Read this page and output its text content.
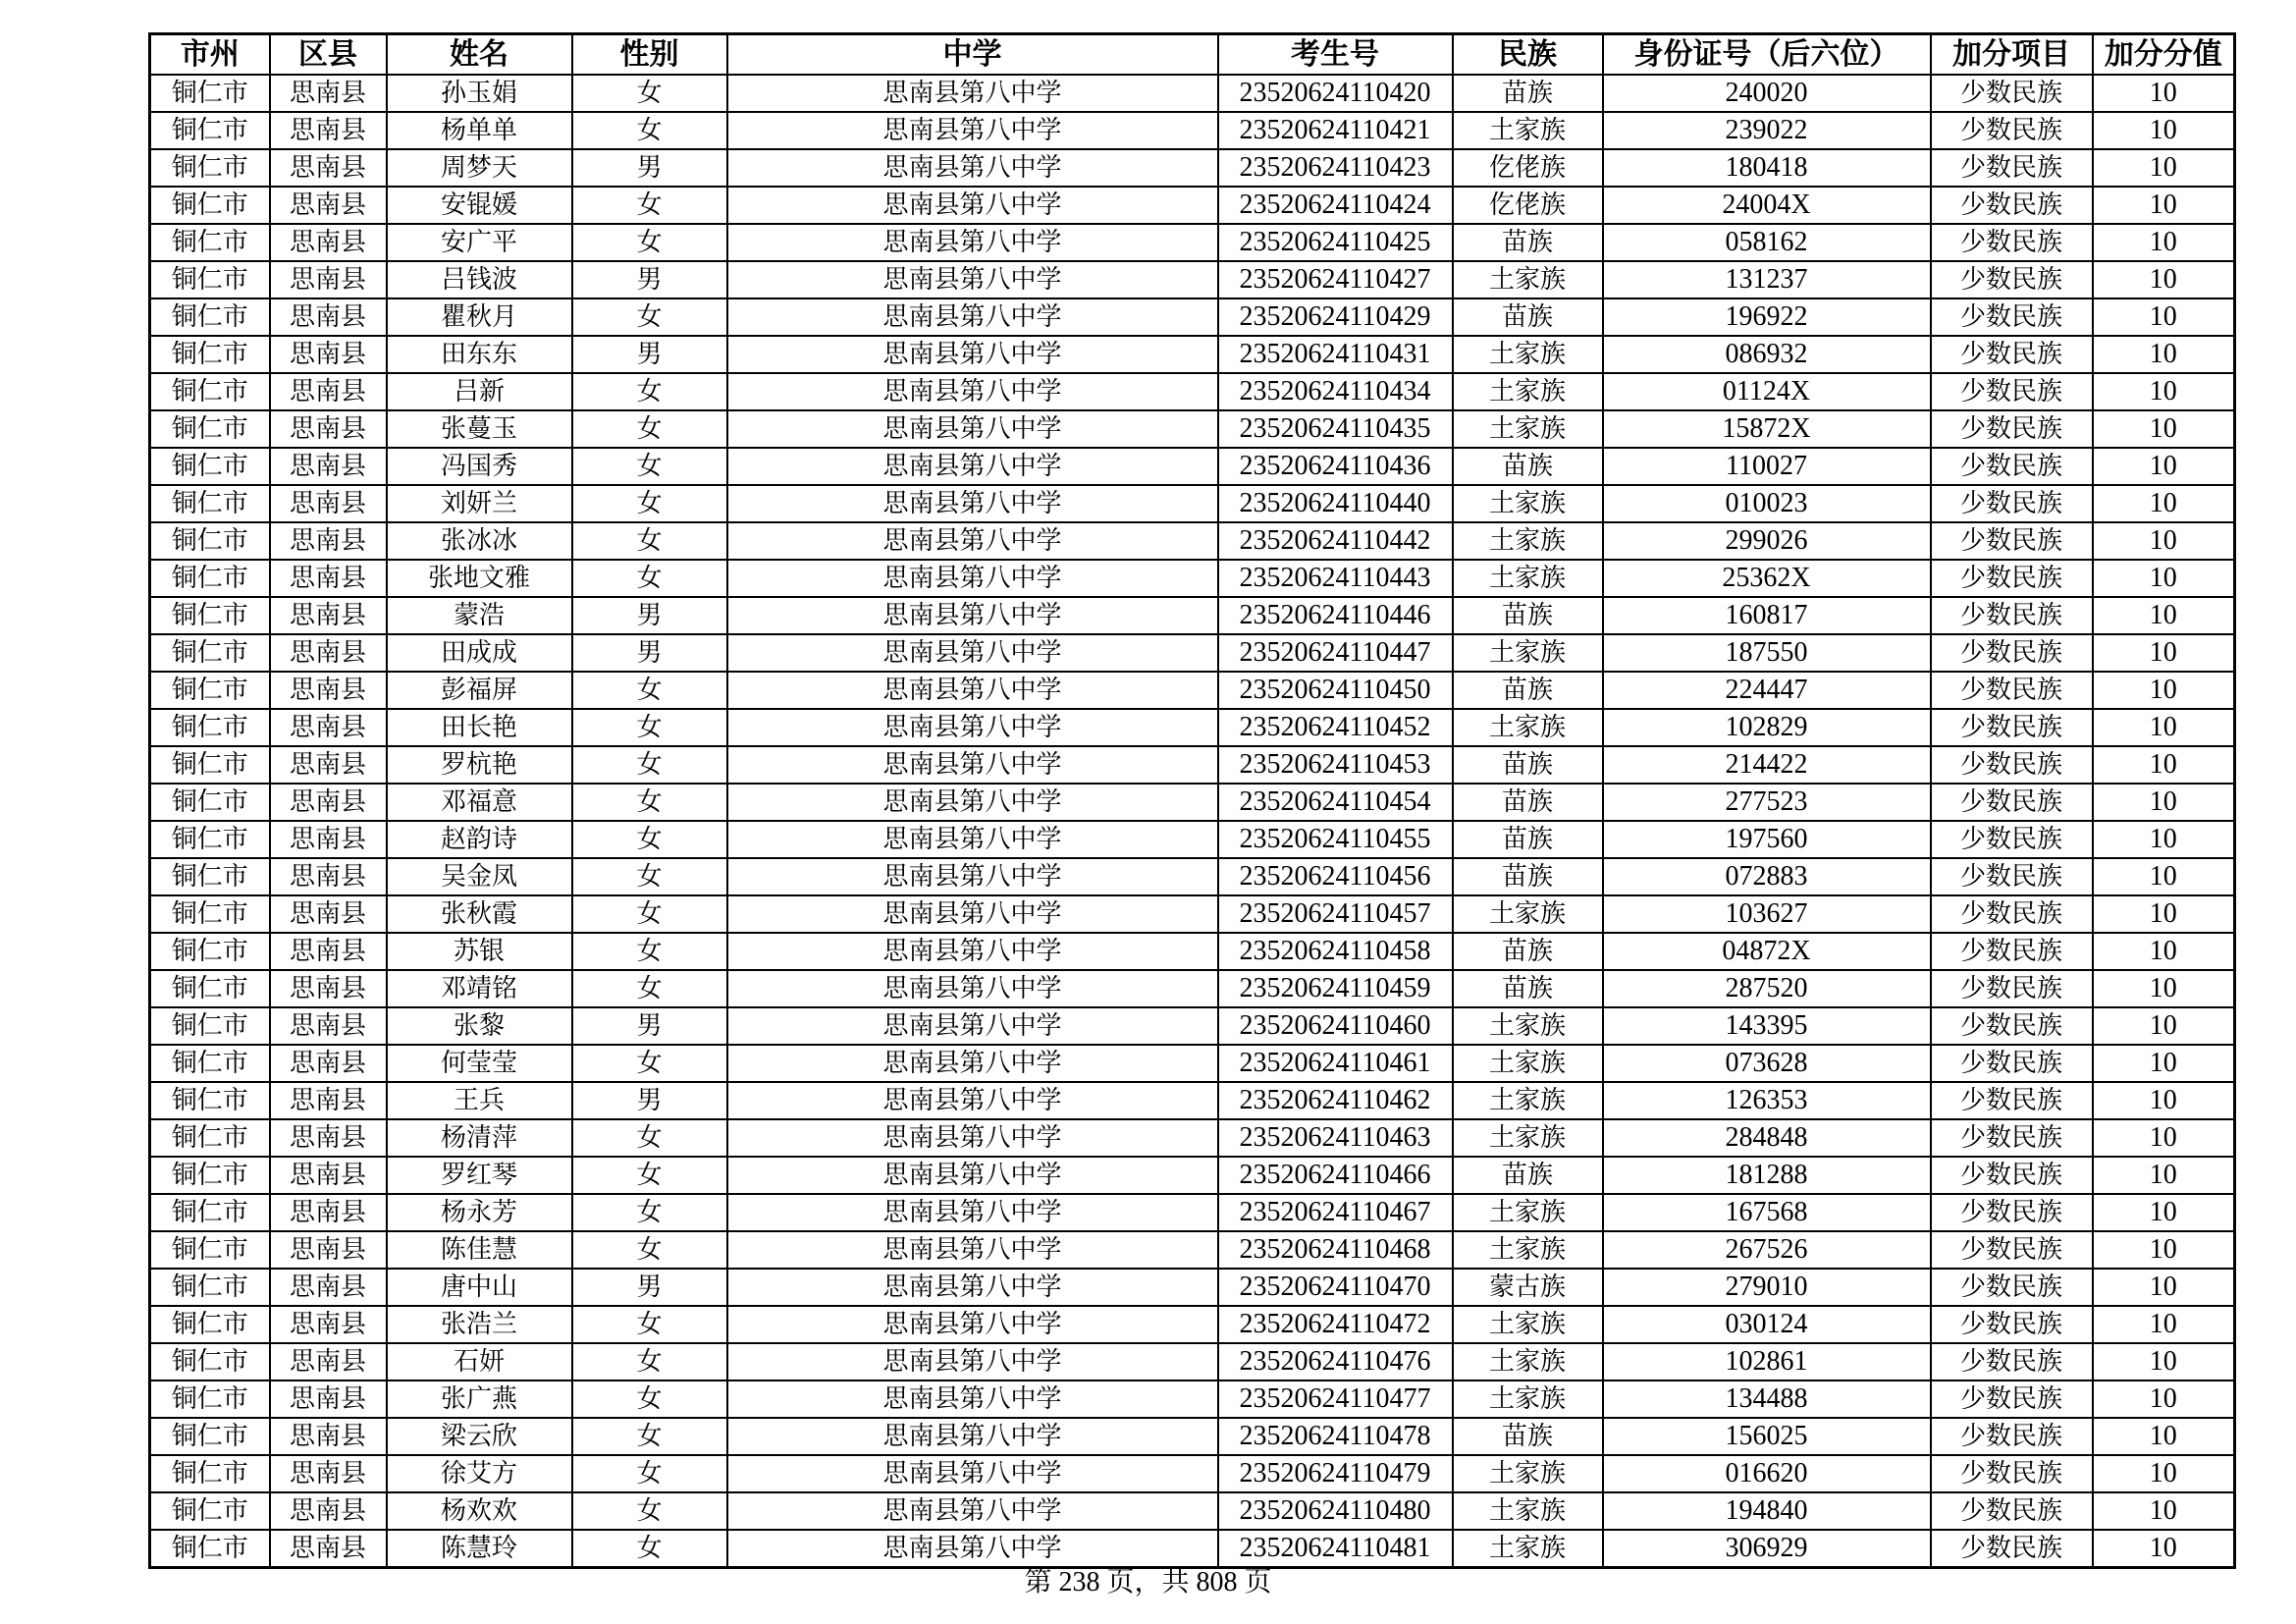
市州	区县	姓名	性别	中学	考生号	民族	身份证号（后六位）	加分项目	加分分值
铜仁市	思南县	孙玉娟	女	思南县第八中学	23520624110420	苗族	240020	少数民族	10
铜仁市	思南县	杨单单	女	思南县第八中学	23520624110421	土家族	239022	少数民族	10
铜仁市	思南县	周梦天	男	思南县第八中学	23520624110423	仡佬族	180418	少数民族	10
铜仁市	思南县	安锟媛	女	思南县第八中学	23520624110424	仡佬族	24004X	少数民族	10
铜仁市	思南县	安广平	女	思南县第八中学	23520624110425	苗族	058162	少数民族	10
铜仁市	思南县	吕钱波	男	思南县第八中学	23520624110427	土家族	131237	少数民族	10
铜仁市	思南县	瞿秋月	女	思南县第八中学	23520624110429	苗族	196922	少数民族	10
铜仁市	思南县	田东东	男	思南县第八中学	23520624110431	土家族	086932	少数民族	10
铜仁市	思南县	吕新	女	思南县第八中学	23520624110434	土家族	01124X	少数民族	10
铜仁市	思南县	张蔓玉	女	思南县第八中学	23520624110435	土家族	15872X	少数民族	10
铜仁市	思南县	冯国秀	女	思南县第八中学	23520624110436	苗族	110027	少数民族	10
铜仁市	思南县	刘妍兰	女	思南县第八中学	23520624110440	土家族	010023	少数民族	10
铜仁市	思南县	张冰冰	女	思南县第八中学	23520624110442	土家族	299026	少数民族	10
铜仁市	思南县	张地文雅	女	思南县第八中学	23520624110443	土家族	25362X	少数民族	10
铜仁市	思南县	蒙浩	男	思南县第八中学	23520624110446	苗族	160817	少数民族	10
铜仁市	思南县	田成成	男	思南县第八中学	23520624110447	土家族	187550	少数民族	10
铜仁市	思南县	彭福屏	女	思南县第八中学	23520624110450	苗族	224447	少数民族	10
铜仁市	思南县	田长艳	女	思南县第八中学	23520624110452	土家族	102829	少数民族	10
铜仁市	思南县	罗杭艳	女	思南县第八中学	23520624110453	苗族	214422	少数民族	10
铜仁市	思南县	邓福意	女	思南县第八中学	23520624110454	苗族	277523	少数民族	10
铜仁市	思南县	赵韵诗	女	思南县第八中学	23520624110455	苗族	197560	少数民族	10
铜仁市	思南县	吴金凤	女	思南县第八中学	23520624110456	苗族	072883	少数民族	10
铜仁市	思南县	张秋霞	女	思南县第八中学	23520624110457	土家族	103627	少数民族	10
铜仁市	思南县	苏银	女	思南县第八中学	23520624110458	苗族	04872X	少数民族	10
铜仁市	思南县	邓靖铭	女	思南县第八中学	23520624110459	苗族	287520	少数民族	10
铜仁市	思南县	张黎	男	思南县第八中学	23520624110460	土家族	143395	少数民族	10
铜仁市	思南县	何莹莹	女	思南县第八中学	23520624110461	土家族	073628	少数民族	10
铜仁市	思南县	王兵	男	思南县第八中学	23520624110462	土家族	126353	少数民族	10
铜仁市	思南县	杨清萍	女	思南县第八中学	23520624110463	土家族	284848	少数民族	10
铜仁市	思南县	罗红琴	女	思南县第八中学	23520624110466	苗族	181288	少数民族	10
铜仁市	思南县	杨永芳	女	思南县第八中学	23520624110467	土家族	167568	少数民族	10
铜仁市	思南县	陈佳慧	女	思南县第八中学	23520624110468	土家族	267526	少数民族	10
铜仁市	思南县	唐中山	男	思南县第八中学	23520624110470	蒙古族	279010	少数民族	10
铜仁市	思南县	张浩兰	女	思南县第八中学	23520624110472	土家族	030124	少数民族	10
铜仁市	思南县	石妍	女	思南县第八中学	23520624110476	土家族	102861	少数民族	10
铜仁市	思南县	张广燕	女	思南县第八中学	23520624110477	土家族	134488	少数民族	10
铜仁市	思南县	梁云欣	女	思南县第八中学	23520624110478	苗族	156025	少数民族	10
铜仁市	思南县	徐艾方	女	思南县第八中学	23520624110479	土家族	016620	少数民族	10
铜仁市	思南县	杨欢欢	女	思南县第八中学	23520624110480	土家族	194840	少数民族	10
铜仁市	思南县	陈慧玲	女	思南县第八中学	23520624110481	土家族	306929	少数民族	10
第 238 页，共 808 页
